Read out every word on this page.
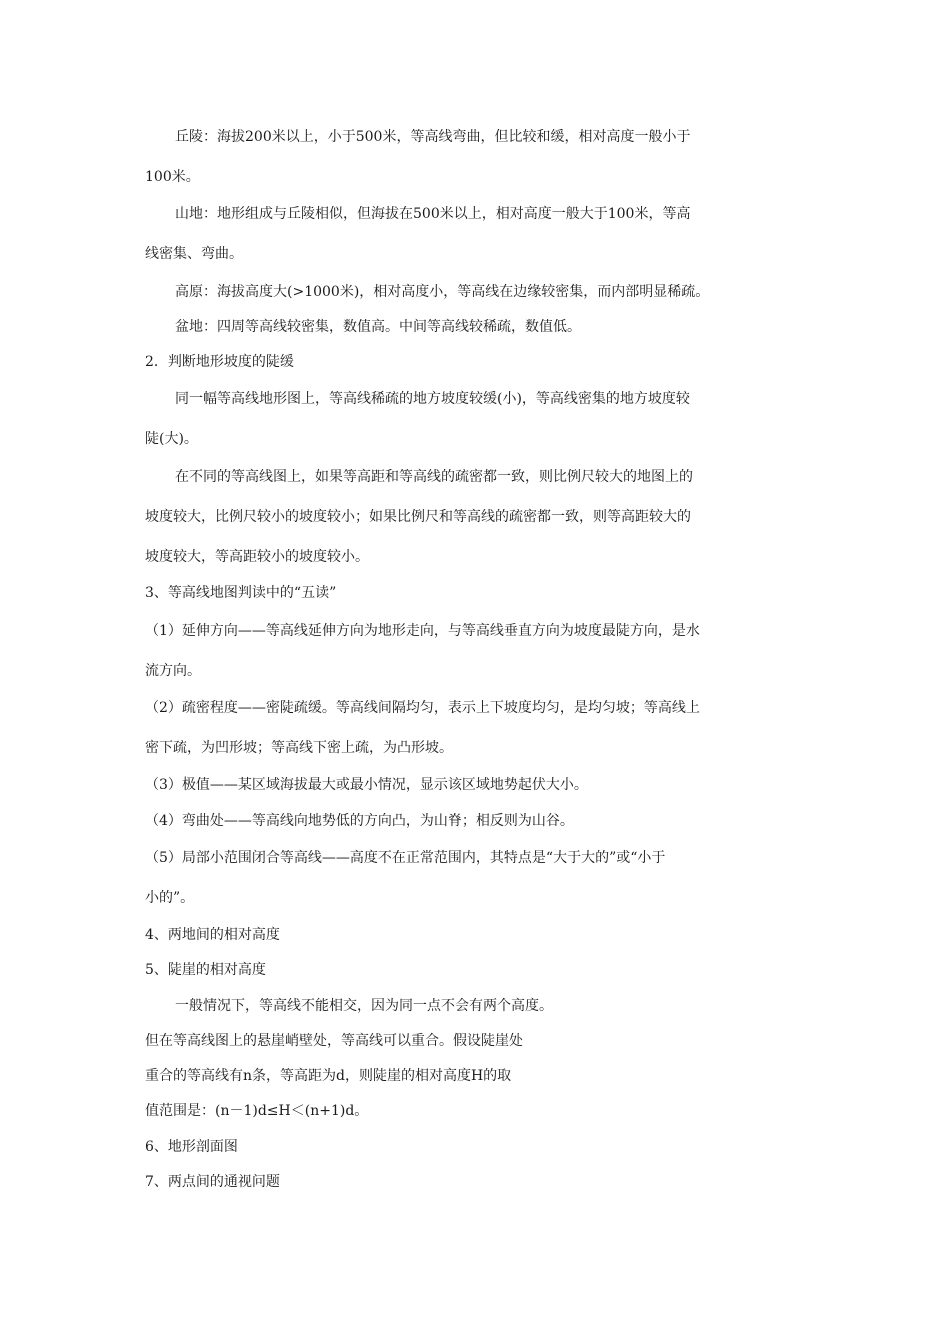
丘陵：海拔200米以上，小于500米，等高线弯曲，但比较和缓，相对高度一般小于
100米。
山地：地形组成与丘陵相似，但海拔在500米以上，相对高度一般大于100米，等高
线密集、弯曲。
高原：海拔高度大(>1000米)，相对高度小，等高线在边缘较密集，而内部明显稀疏。
盆地：四周等高线较密集，数值高。中间等高线较稀疏，数值低。
2．判断地形坡度的陡缓
同一幅等高线地形图上，等高线稀疏的地方坡度较缓(小)，等高线密集的地方坡度较
陡(大)。
在不同的等高线图上，如果等高距和等高线的疏密都一致，则比例尺较大的地图上的
坡度较大，比例尺较小的坡度较小；如果比例尺和等高线的疏密都一致，则等高距较大的
坡度较大，等高距较小的坡度较小。
3、等高线地图判读中的“五读”
（1）延伸方向——等高线延伸方向为地形走向，与等高线垂直方向为坡度最陡方向，是水
流方向。
（2）疏密程度——密陡疏缓。等高线间隔均匀，表示上下坡度均匀，是均匀坡；等高线上
密下疏，为凹形坡；等高线下密上疏，为凸形坡。
（3）极值——某区域海拔最大或最小情况，显示该区域地势起伏大小。
（4）弯曲处——等高线向地势低的方向凸，为山脊；相反则为山谷。
（5）局部小范围闭合等高线——高度不在正常范围内，其特点是“大于大的”或“小于
小的”。
4、两地间的相对高度
5、陡崖的相对高度
一般情况下，等高线不能相交，因为同一点不会有两个高度。
但在等高线图上的悬崖峭壁处，等高线可以重合。假设陡崖处
重合的等高线有n条，等高距为d，则陡崖的相对高度H的取
值范围是：(n－1)d≤H＜(n+1)d。
6、地形剖面图
7、两点间的通视问题
